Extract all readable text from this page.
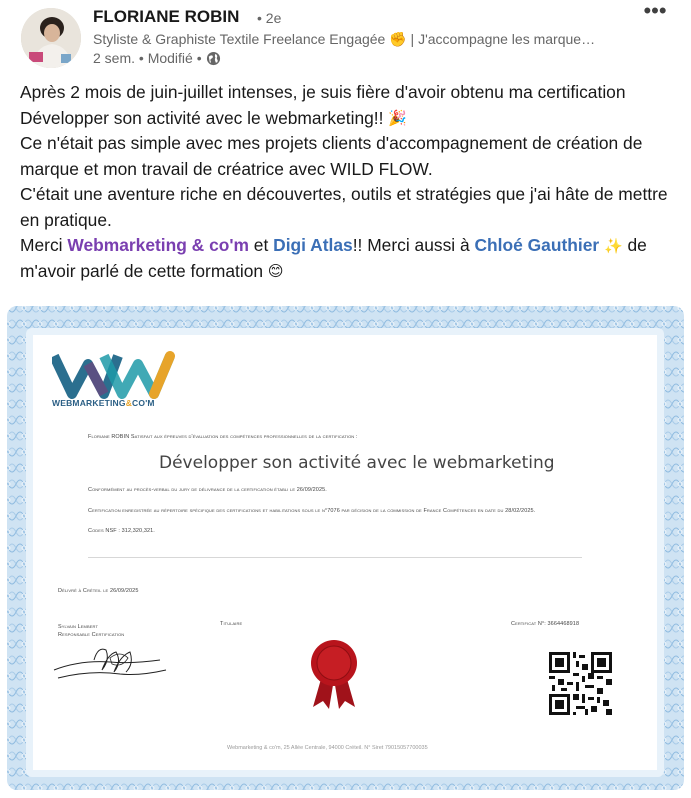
FLORIANE ROBIN • 2e
Styliste & Graphiste Textile Freelance Engagée ✊ | J'accompagne les marque…
2 sem. • Modifié •
•••

Après 2 mois de juin-juillet intenses, je suis fière d'avoir obtenu ma certification

Développer son activité avec le webmarketing!! 🎉

Ce n'était pas simple avec mes projets clients d'accompagnement de création de

marque et mon travail de créatrice avec WILD FLOW.

C'était une aventure riche en découvertes, outils et stratégies que j'ai hâte de mettre

en pratique.

Merci Webmarketing & co'm et Digi Atlas!! Merci aussi à Chloé Gauthier ✨ de

m'avoir parlé de cette formation 😊

WEBMARKETING&CO'M
Floriane ROBIN Satisfait aux épreuves d'évaluation des compétences professionnelles de la certification :
Développer son activité avec le webmarketing
Conformément au procès-verbal du jury de délivrance de la certification établi le 26/09/2025.
Certification enregistrée au répertoire spécifique des certifications et habilitations sous le n°7076 par décision de la commission de France Compétences en date du 28/02/2025.
Codes NSF : 312,320,321.
Délivré à Créteil le 26/09/2025
Sylvain Lembert
Responsable Certification
Titulaire	Certificat N°: 3664468918
Webmarketing & co'm, 25 Allée Centrale, 94000 Créteil. N° Siret 79015057700035
